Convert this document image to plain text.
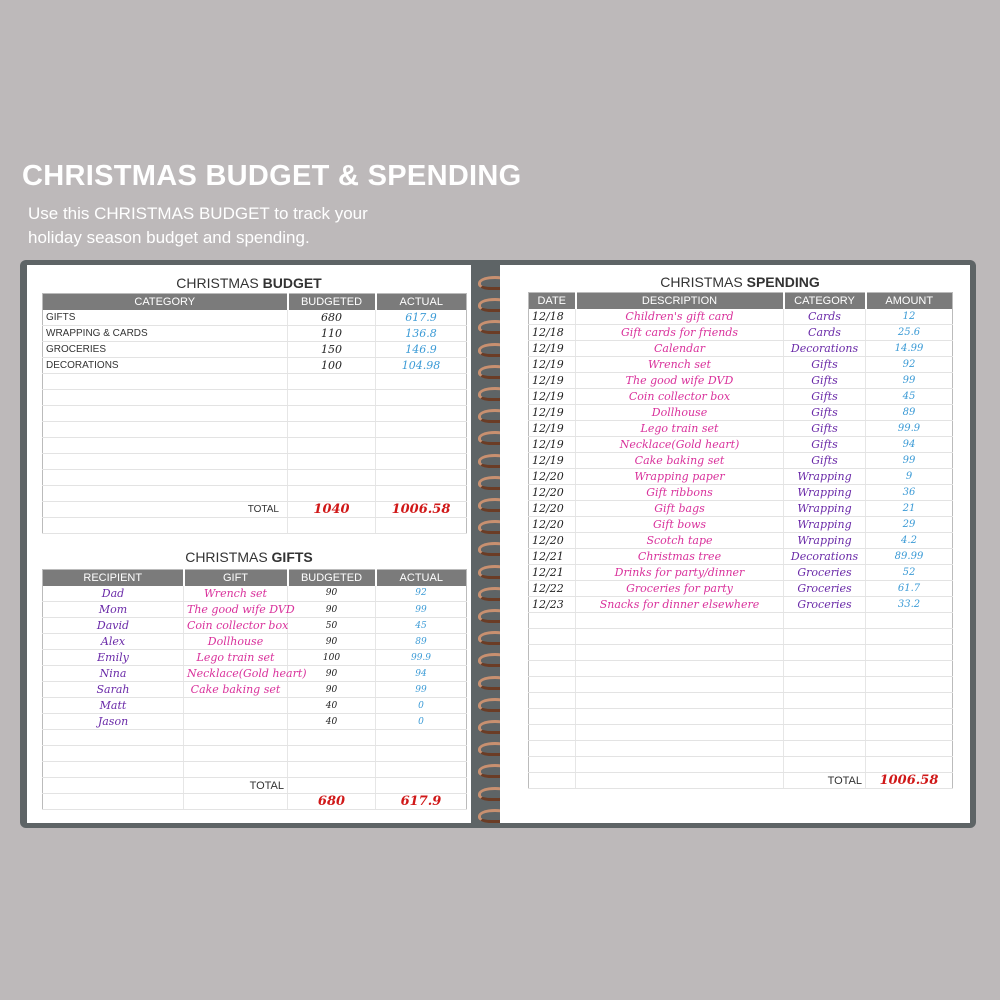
CHRISTMAS BUDGET & SPENDING
Use this CHRISTMAS BUDGET to track your
holiday season budget and spending.
CHRISTMAS BUDGET
CATEGORY	BUDGETED	ACTUAL
GIFTS	680	617.9
WRAPPING & CARDS	110	136.8
GROCERIES	150	146.9
DECORATIONS	100	104.98

TOTAL	1040	1006.58

CHRISTMAS GIFTS
RECIPIENT	GIFT	BUDGETED	ACTUAL
Dad	Wrench set	90	92
Mom	The good wife DVD	90	99
David	Coin collector box	50	45
Alex	Dollhouse	90	89
Emily	Lego train set	100	99.9
Nina	Necklace(Gold heart)	90	94
Sarah	Cake baking set	90	99
Matt		40	0
Jason		40	0

	TOTAL		
		680	617.9
CHRISTMAS SPENDING
DATE	DESCRIPTION	CATEGORY	AMOUNT
12/18	Children's gift card	Cards	12
12/18	Gift cards for friends	Cards	25.6
12/19	Calendar	Decorations	14.99
12/19	Wrench set	Gifts	92
12/19	The good wife DVD	Gifts	99
12/19	Coin collector box	Gifts	45
12/19	Dollhouse	Gifts	89
12/19	Lego train set	Gifts	99.9
12/19	Necklace(Gold heart)	Gifts	94
12/19	Cake baking set	Gifts	99
12/20	Wrapping paper	Wrapping	9
12/20	Gift ribbons	Wrapping	36
12/20	Gift bags	Wrapping	21
12/20	Gift bows	Wrapping	29
12/20	Scotch tape	Wrapping	4.2
12/21	Christmas tree	Decorations	89.99
12/21	Drinks for party/dinner	Groceries	52
12/22	Groceries for party	Groceries	61.7
12/23	Snacks for dinner elsewhere	Groceries	33.2

		TOTAL	1006.58
